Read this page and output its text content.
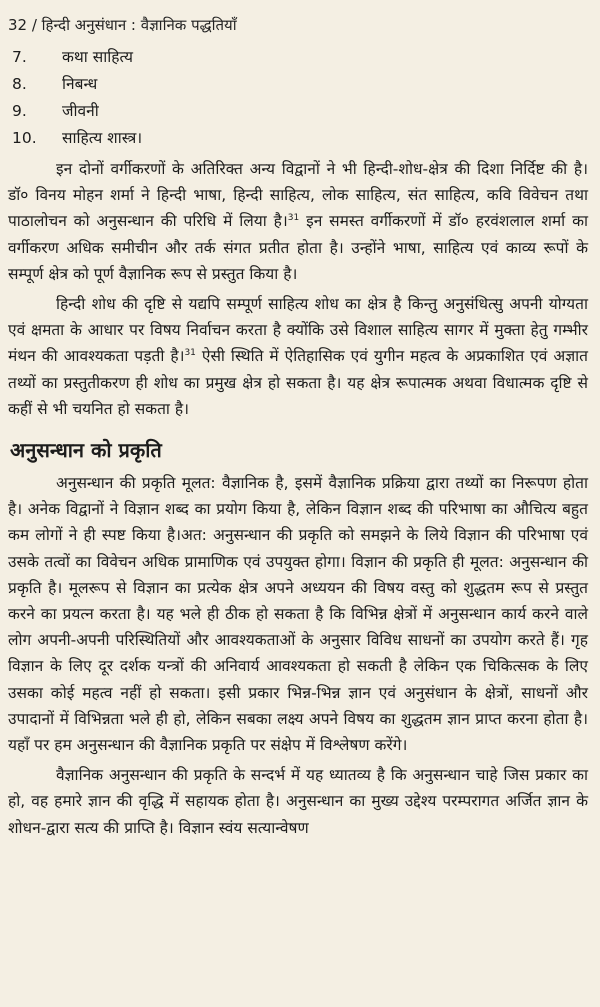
32 / हिन्दी अनुसंधान : वैज्ञानिक पद्धतियाँ
7.	कथा साहित्य
8.	निबन्ध
9.	जीवनी
10.	साहित्य शास्त्र।

इन दोनों वर्गीकरणों के अतिरिक्त अन्य विद्वानों ने भी हिन्दी-शोध-क्षेत्र की दिशा निर्दिष्ट की है। डॉ० विनय मोहन शर्मा ने हिन्दी भाषा, हिन्दी साहित्य, लोक साहित्य, संत साहित्य, कवि विवेचन तथा पाठालोचन को अनुसन्धान की परिधि में लिया है।$^{31}$ इन समस्त वर्गीकरणों में डॉ० हरवंशलाल शर्मा का वर्गीकरण अधिक समीचीन और तर्क संगत प्रतीत होता है। उन्होंने भाषा, साहित्य एवं काव्य रूपों के सम्पूर्ण क्षेत्र को पूर्ण वैज्ञानिक रूप से प्रस्तुत किया है।

हिन्दी शोध की दृष्टि से यद्यपि सम्पूर्ण साहित्य शोध का क्षेत्र है किन्तु अनुसंधित्सु अपनी योग्यता एवं क्षमता के आधार पर विषय निर्वाचन करता है क्योंकि उसे विशाल साहित्य सागर में मुक्ता हेतु गम्भीर मंथन की आवश्यकता पड़ती है।$^{31}$ ऐसी स्थिति में ऐतिहासिक एवं युगीन महत्व के अप्रकाशित एवं अज्ञात तथ्यों का प्रस्तुतीकरण ही शोध का प्रमुख क्षेत्र हो सकता है। यह क्षेत्र रूपात्मक अथवा विधात्मक दृष्टि से कहीं से भी चयनित हो सकता है।

अनुसन्धान को प्रकृति

अनुसन्धान की प्रकृति मूलत: वैज्ञानिक है, इसमें वैज्ञानिक प्रक्रिया द्वारा तथ्यों का निरूपण होता है। अनेक विद्वानों ने विज्ञान शब्द का प्रयोग किया है, लेकिन विज्ञान शब्द की परिभाषा का औचित्य बहुत कम लोगों ने ही स्पष्ट किया है।अत: अनुसन्धान की प्रकृति को समझने के लिये विज्ञान की परिभाषा एवं उसके तत्वों का विवेचन अधिक प्रामाणिक एवं उपयुक्त होगा। विज्ञान की प्रकृति ही मूलत: अनुसन्धान की प्रकृति है। मूलरूप से विज्ञान का प्रत्येक क्षेत्र अपने अध्ययन की विषय वस्तु को शुद्धतम रूप से प्रस्तुत करने का प्रयत्न करता है। यह भले ही ठीक हो सकता है कि विभिन्न क्षेत्रों में अनुसन्धान कार्य करने वाले लोग अपनी-अपनी परिस्थितियों और आवश्यकताओं के अनुसार विविध साधनों का उपयोग करते हैं। गृह विज्ञान के लिए दूर दर्शक यन्त्रों की अनिवार्य आवश्यकता हो सकती है लेकिन एक चिकित्सक के लिए उसका कोई महत्व नहीं हो सकता। इसी प्रकार भिन्न-भिन्न ज्ञान एवं अनुसंधान के क्षेत्रों, साधनों और उपादानों में विभिन्नता भले ही हो, लेकिन सबका लक्ष्य अपने विषय का शुद्धतम ज्ञान प्राप्त करना होता है। यहाँ पर हम अनुसन्धान की वैज्ञानिक प्रकृति पर संक्षेप में विश्लेषण करेंगे।

वैज्ञानिक अनुसन्धान की प्रकृति के सन्दर्भ में यह ध्यातव्य है कि अनुसन्धान चाहे जिस प्रकार का हो, वह हमारे ज्ञान की वृद्धि में सहायक होता है। अनुसन्धान का मुख्य उद्देश्य परम्परागत अर्जित ज्ञान के शोधन-द्वारा सत्य की प्राप्ति है। विज्ञान स्वंय सत्यान्वेषण
